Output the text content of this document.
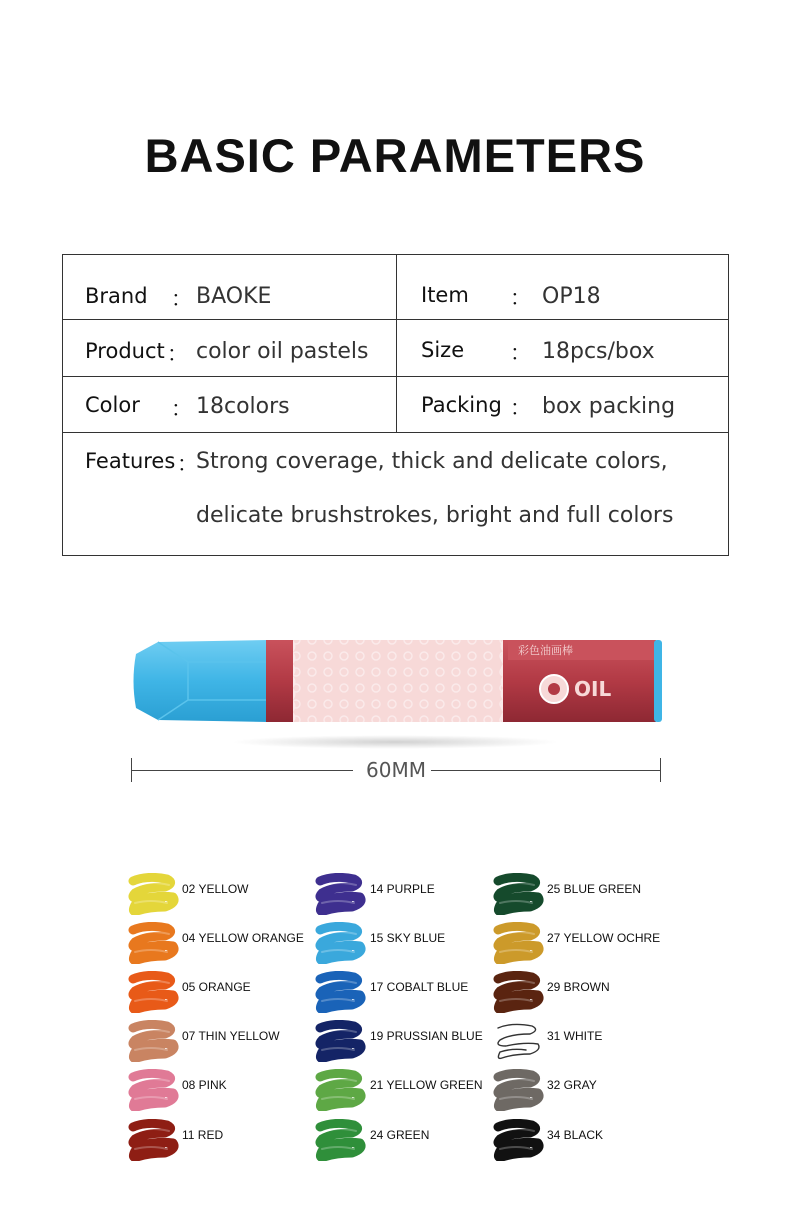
BASIC PARAMETERS
Brand ： BAOKE	Item ： OP18
Product ： color oil pastels	Size ： 18pcs/box
Color ： 18colors	Packing ： box packing
Features ：
Strong coverage, thick and delicate colors,
delicate brushstrokes, bright and full colors
彩色油画棒
OIL
60MM
02 YELLOW
04 YELLOW ORANGE
05 ORANGE
07 THIN YELLOW
08 PINK
11 RED
14 PURPLE
15 SKY BLUE
17 COBALT BLUE
19 PRUSSIAN BLUE
21 YELLOW GREEN
24 GREEN
25 BLUE GREEN
27 YELLOW OCHRE
29 BROWN
31 WHITE
32 GRAY
34 BLACK
